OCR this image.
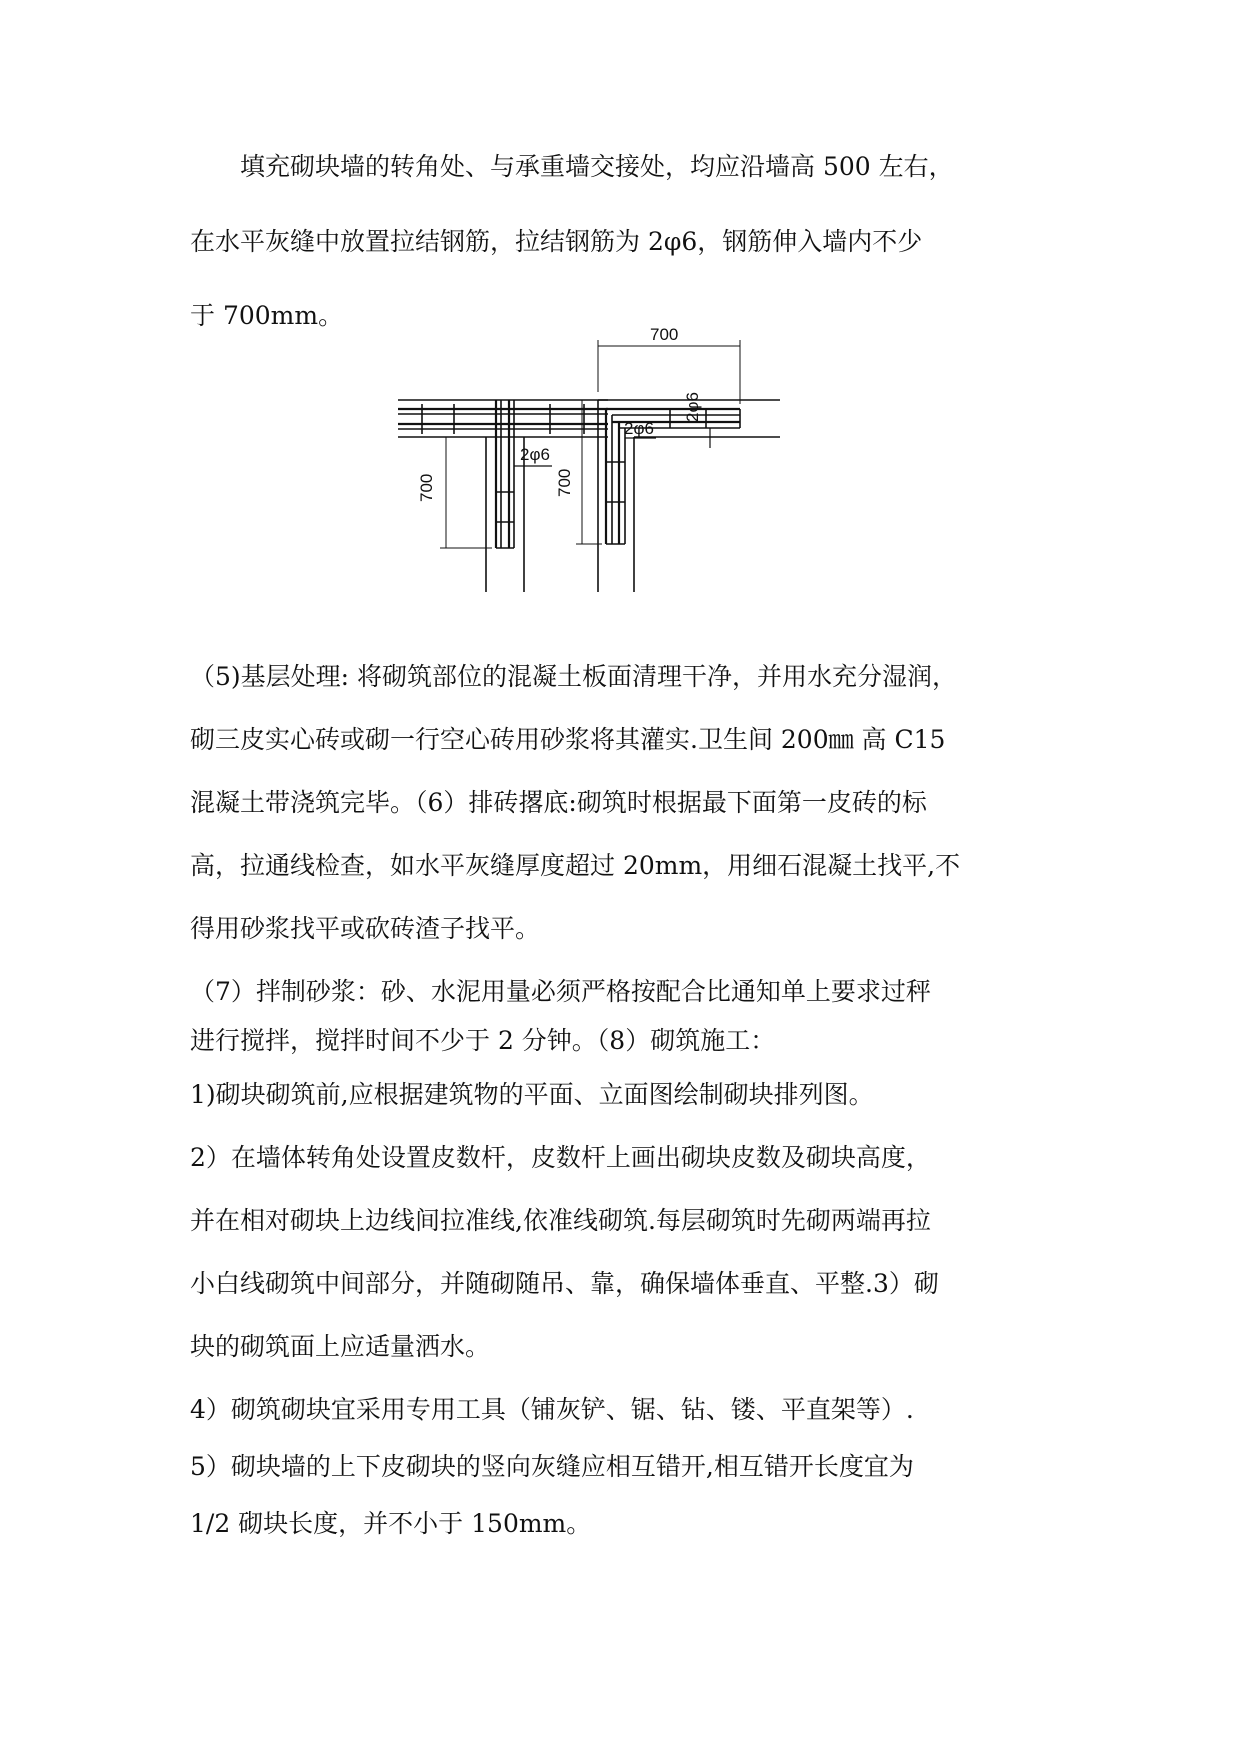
　　填充砌块墙的转角处、与承重墙交接处，均应沿墙高 500 左右，

在水平灰缝中放置拉结钢筋，拉结钢筋为 2φ6，钢筋伸入墙内不少

于 700mm。

700
2φ6
700
700
2φ6
2φ6

（5)基层处理: 将砌筑部位的混凝土板面清理干净，并用水充分湿润，

砌三皮实心砖或砌一行空心砖用砂浆将其灌实.卫生间 200㎜ 高 C15

混凝土带浇筑完毕。（6）排砖撂底:砌筑时根据最下面第一皮砖的标

高，拉通线检查，如水平灰缝厚度超过 20mm，用细石混凝土找平,不

得用砂浆找平或砍砖渣子找平。

（7）拌制砂浆：砂、水泥用量必须严格按配合比通知单上要求过秤

进行搅拌，搅拌时间不少于 2 分钟。（8）砌筑施工：

1)砌块砌筑前,应根据建筑物的平面、立面图绘制砌块排列图。

2）在墙体转角处设置皮数杆，皮数杆上画出砌块皮数及砌块高度，

并在相对砌块上边线间拉准线,依准线砌筑.每层砌筑时先砌两端再拉

小白线砌筑中间部分，并随砌随吊、靠，确保墙体垂直、平整.3）砌

块的砌筑面上应适量洒水。

4）砌筑砌块宜采用专用工具（铺灰铲、锯、钻、镂、平直架等）.

5）砌块墙的上下皮砌块的竖向灰缝应相互错开,相互错开长度宜为

1/2 砌块长度，并不小于 150mm。
